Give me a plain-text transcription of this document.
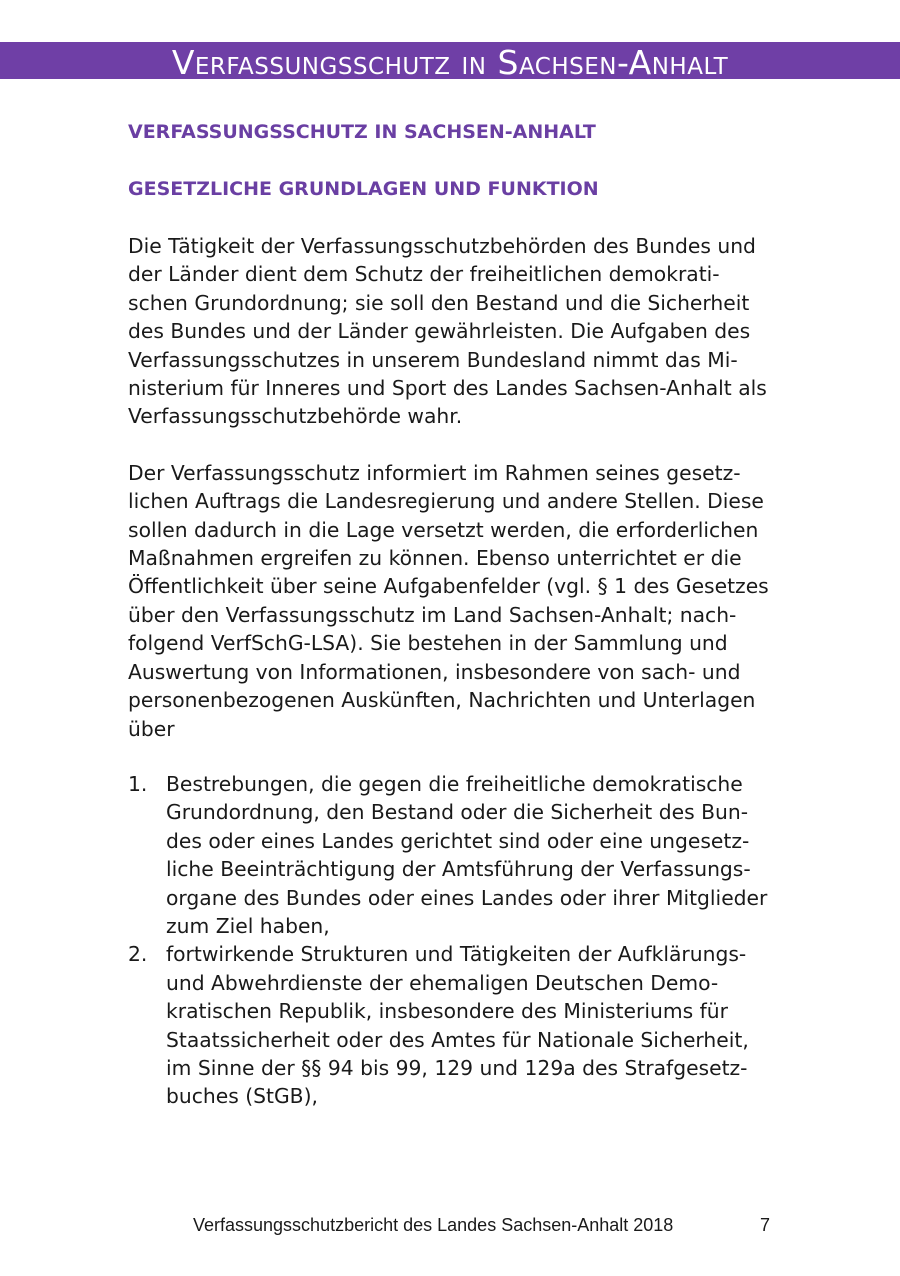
Verfassungsschutz in Sachsen-Anhalt
VERFASSUNGSSCHUTZ IN SACHSEN-ANHALT
GESETZLICHE GRUNDLAGEN UND FUNKTION

Die Tätigkeit der Verfassungsschutzbehörden des Bundes und
der Länder dient dem Schutz der freiheitlichen demokrati-
schen Grundordnung; sie soll den Bestand und die Sicherheit
des Bundes und der Länder gewährleisten. Die Aufgaben des
Verfassungsschutzes in unserem Bundesland nimmt das Mi-
nisterium für Inneres und Sport des Landes Sachsen-Anhalt als
Verfassungsschutzbehörde wahr.

Der Verfassungsschutz informiert im Rahmen seines gesetz-
lichen Auftrags die Landesregierung und andere Stellen. Diese
sollen dadurch in die Lage versetzt werden, die erforderlichen
Maßnahmen ergreifen zu können. Ebenso unterrichtet er die
Öffentlichkeit über seine Aufgabenfelder (vgl. § 1 des Gesetzes
über den Verfassungsschutz im Land Sachsen-Anhalt; nach-
folgend VerfSchG-LSA). Sie bestehen in der Sammlung und
Auswertung von Informationen, insbesondere von sach- und
personenbezogenen Auskünften, Nachrichten und Unterlagen
über

1. Bestrebungen, die gegen die freiheitliche demokratische
Grundordnung, den Bestand oder die Sicherheit des Bun-
des oder eines Landes gerichtet sind oder eine ungesetz-
liche Beeinträchtigung der Amtsführung der Verfassungs-
organe des Bundes oder eines Landes oder ihrer Mitglieder
zum Ziel haben,
2. fortwirkende Strukturen und Tätigkeiten der Aufklärungs-
und Abwehrdienste der ehemaligen Deutschen Demo-
kratischen Republik, insbesondere des Ministeriums für
Staatssicherheit oder des Amtes für Nationale Sicherheit,
im Sinne der §§ 94 bis 99, 129 und 129a des Strafgesetz-
buches (StGB),
Verfassungsschutzbericht des Landes Sachsen-Anhalt 2018	7
